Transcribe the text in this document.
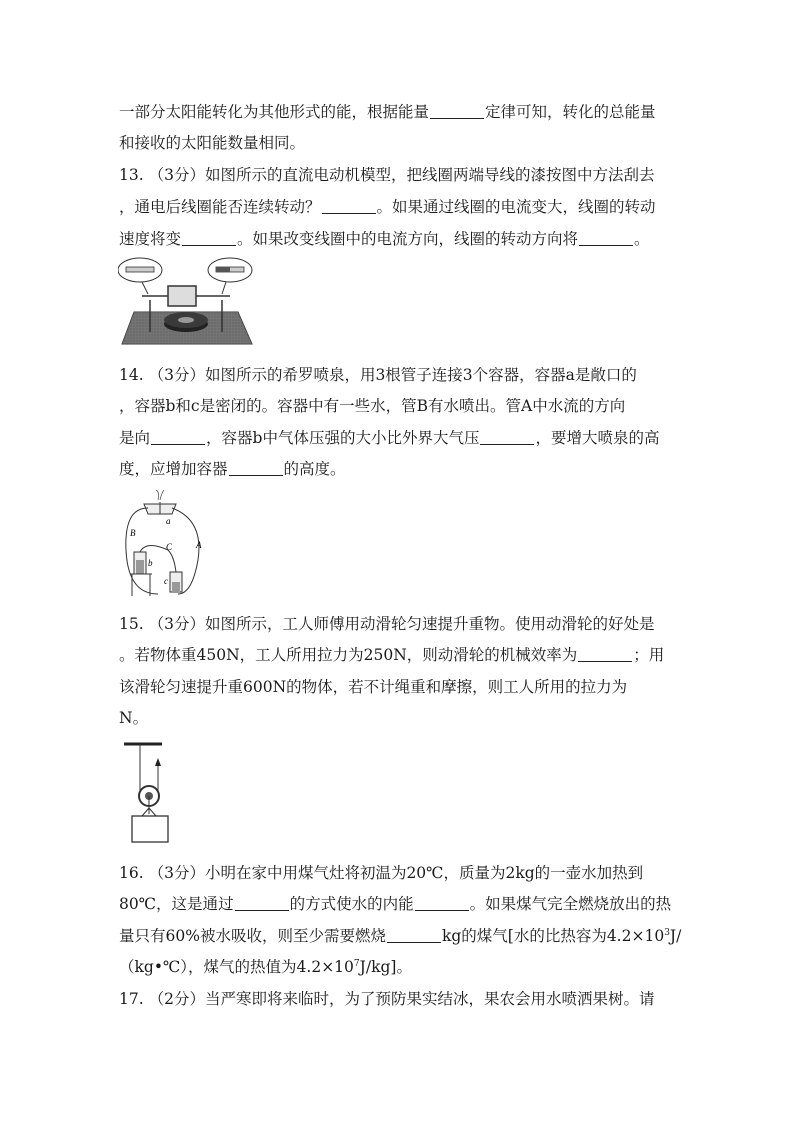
一部分太阳能转化为其他形式的能，根据能量	定律可知，转化的总能量
和接收的太阳能数量相同。
13. （3分）如图所示的直流电动机模型，把线圈两端导线的漆按图中方法刮去
，通电后线圈能否连续转动？	。如果通过线圈的电流变大，线圈的转动
速度将变	。如果改变线圈中的电流方向，线圈的转动方向将	。
14. （3分）如图所示的希罗喷泉，用3根管子连接3个容器，容器a是敞口的
，容器b和c是密闭的。容器中有一些水，管B有水喷出。管A中水流的方向
是向	，容器b中气体压强的大小比外界大气压	，要增大喷泉的高
度，应增加容器	的高度。
a
B
A
C
b
c
15. （3分）如图所示，工人师傅用动滑轮匀速提升重物。使用动滑轮的好处是
。若物体重450N，工人所用拉力为250N，则动滑轮的机械效率为	；用
该滑轮匀速提升重600N的物体，若不计绳重和摩擦，则工人所用的拉力为
N。
16. （3分）小明在家中用煤气灶将初温为20℃，质量为2kg的一壶水加热到
80℃，这是通过	的方式使水的内能	。如果煤气完全燃烧放出的热
量只有60%被水吸收，则至少需要燃烧	kg的煤气[水的比热容为$4.2\times 10^3J/$
（kg•℃），煤气的热值为$4.2\times 10^7J/kg$]。
17. （2分）当严寒即将来临时，为了预防果实结冰，果农会用水喷洒果树。请
